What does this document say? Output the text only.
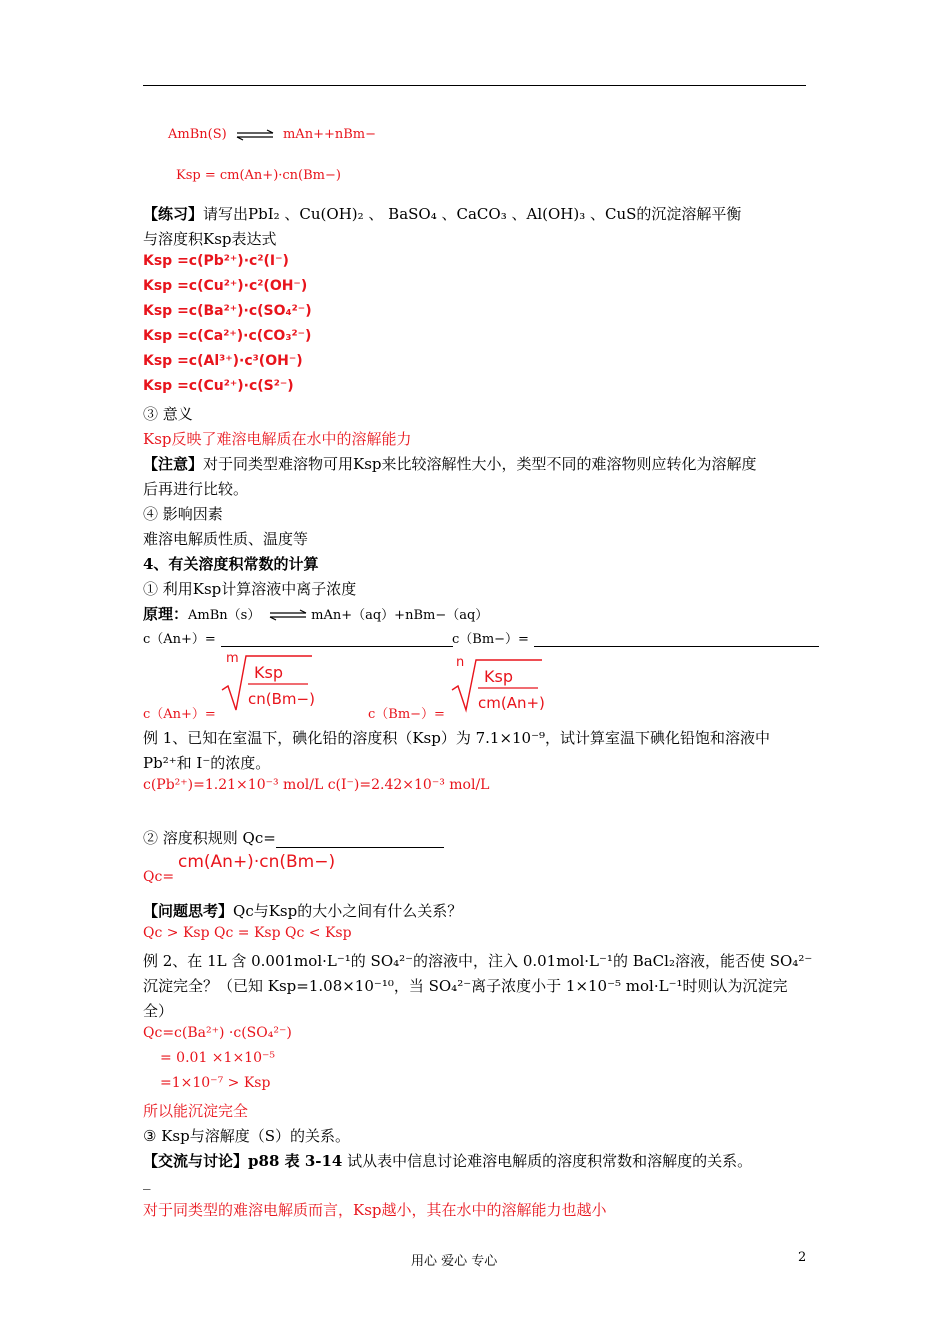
AmBn(S) ⇌ mAn++nBm−
Ksp = cm(An+)·cn(Bm−)
【练习】请写出PbI₂ 、Cu(OH)₂ 、 BaSO₄ 、CaCO₃ 、Al(OH)₃ 、CuS的沉淀溶解平衡
与溶度积Ksp表达式
Ksp =c(Pb²⁺)·c²(I⁻)
Ksp =c(Cu²⁺)·c²(OH⁻)
Ksp =c(Ba²⁺)·c(SO₄²⁻)
Ksp =c(Ca²⁺)·c(CO₃²⁻)
Ksp =c(Al³⁺)·c³(OH⁻)
Ksp =c(Cu²⁺)·c(S²⁻)
③ 意义
Ksp反映了难溶电解质在水中的溶解能力
【注意】对于同类型难溶物可用Ksp来比较溶解性大小，类型不同的难溶物则应转化为溶解度
后再进行比较。
④ 影响因素
难溶电解质性质、温度等
4、有关溶度积常数的计算
① 利用Ksp计算溶液中离子浓度
原理：AmBn（s） ⇌mAn+（aq）+nBm−（aq）
c（An+）=	c（Bm−）=
c（An+）=
m
Ksp
cn(Bm−)
c（Bm−）=
n
Ksp
cm(An+)
例 1、已知在室温下，碘化铅的溶度积（Ksp）为 7.1×10⁻⁹，试计算室温下碘化铅饱和溶液中
Pb²⁺和 I⁻的浓度。
c(Pb²⁺)=1.21×10⁻³ mol/L c(I⁻)=2.42×10⁻³ mol/L
② 溶度积规则 Qc=
Qc=
cm(An+)·cn(Bm−)
【问题思考】Qc与Ksp的大小之间有什么关系？
Qc > Ksp Qc = Ksp Qc < Ksp
例 2、在 1L 含 0.001mol·L⁻¹的 SO₄²⁻的溶液中，注入 0.01mol·L⁻¹的 BaCl₂溶液，能否使 SO₄²⁻
沉淀完全？（已知 Ksp=1.08×10⁻¹⁰，当 SO₄²⁻离子浓度小于 1×10⁻⁵ mol·L⁻¹时则认为沉淀完
全）
Qc=c(Ba²⁺) ·c(SO₄²⁻)
= 0.01 ×1×10⁻⁵
=1×10⁻⁷ > Ksp
所以能沉淀完全
③ Ksp与溶解度（S）的关系。
【交流与讨论】p88 表 3-14 试从表中信息讨论难溶电解质的溶度积常数和溶解度的关系。
_
对于同类型的难溶电解质而言，Ksp越小，其在水中的溶解能力也越小
用心 爱心 专心	2
